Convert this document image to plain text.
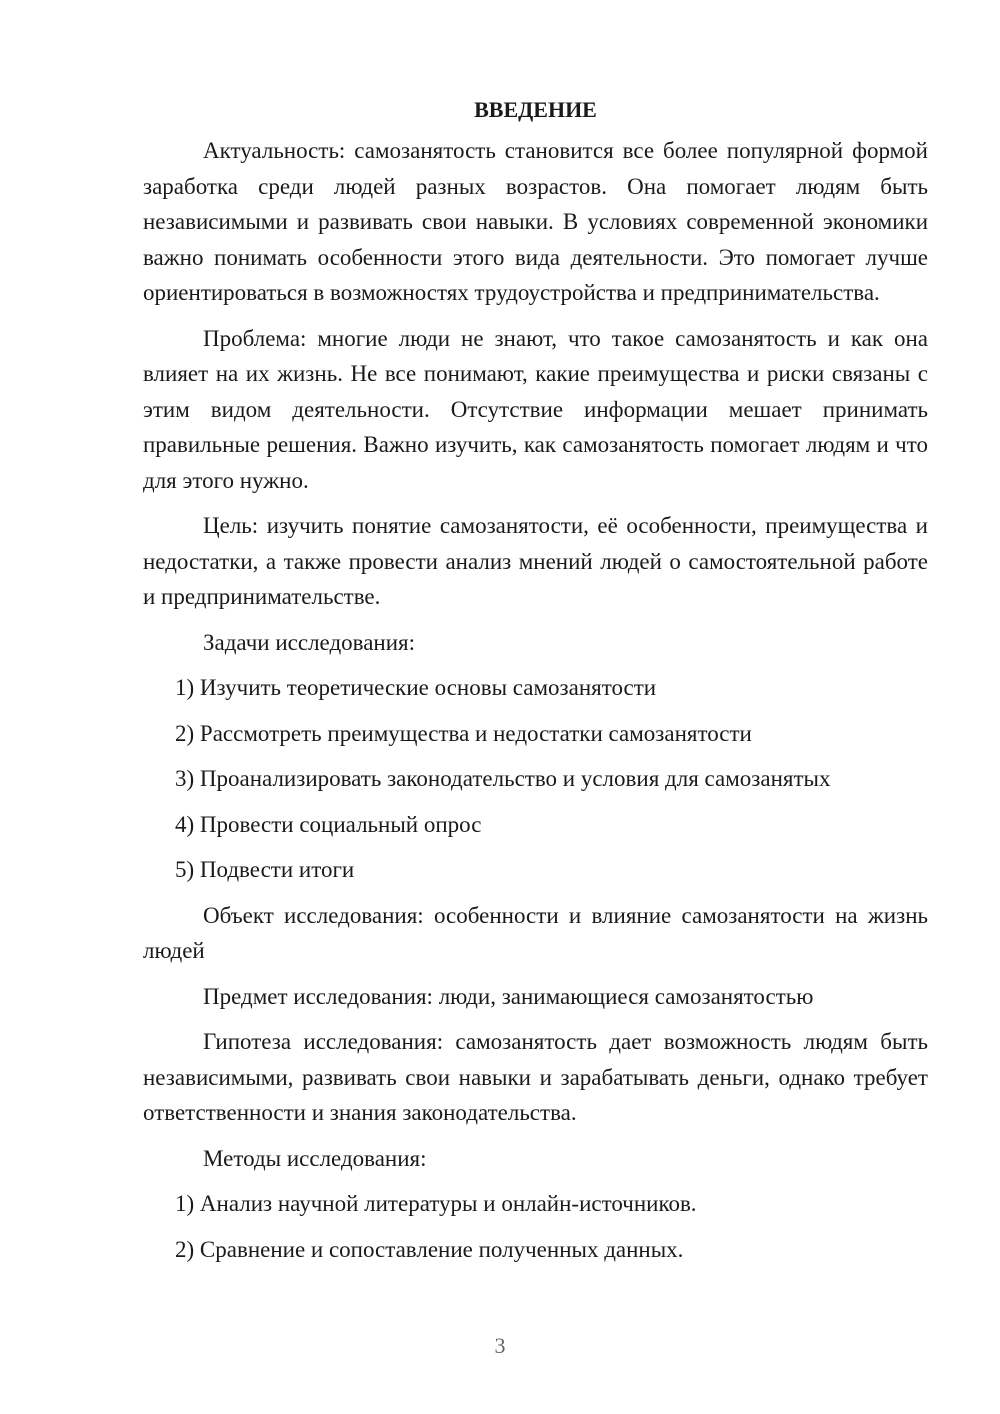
ВВЕДЕНИЕ

Актуальность: самозанятость становится все более популярной формой заработка среди людей разных возрастов. Она помогает людям быть независимыми и развивать свои навыки. В условиях современной экономики важно понимать особенности этого вида деятельности. Это помогает лучше ориентироваться в возможностях трудоустройства и предпринимательства.

Проблема: многие люди не знают, что такое самозанятость и как она влияет на их жизнь. Не все понимают, какие преимущества и риски связаны с этим видом деятельности. Отсутствие информации мешает принимать правильные решения. Важно изучить, как самозанятость помогает людям и что для этого нужно.

Цель: изучить понятие самозанятости, её особенности, преимущества и недостатки, а также провести анализ мнений людей о самостоятельной работе и предпринимательстве.

Задачи исследования:

1) Изучить теоретические основы самозанятости
2) Рассмотреть преимущества и недостатки самозанятости
3) Проанализировать законодательство и условия для самозанятых
4) Провести социальный опрос
5) Подвести итоги

Объект исследования: особенности и влияние самозанятости на жизнь людей

Предмет исследования: люди, занимающиеся самозанятостью

Гипотеза исследования: самозанятость дает возможность людям быть независимыми, развивать свои навыки и зарабатывать деньги, однако требует ответственности и знания законодательства.

Методы исследования:

1) Анализ научной литературы и онлайн-источников.
2) Сравнение и сопоставление полученных данных.
3
